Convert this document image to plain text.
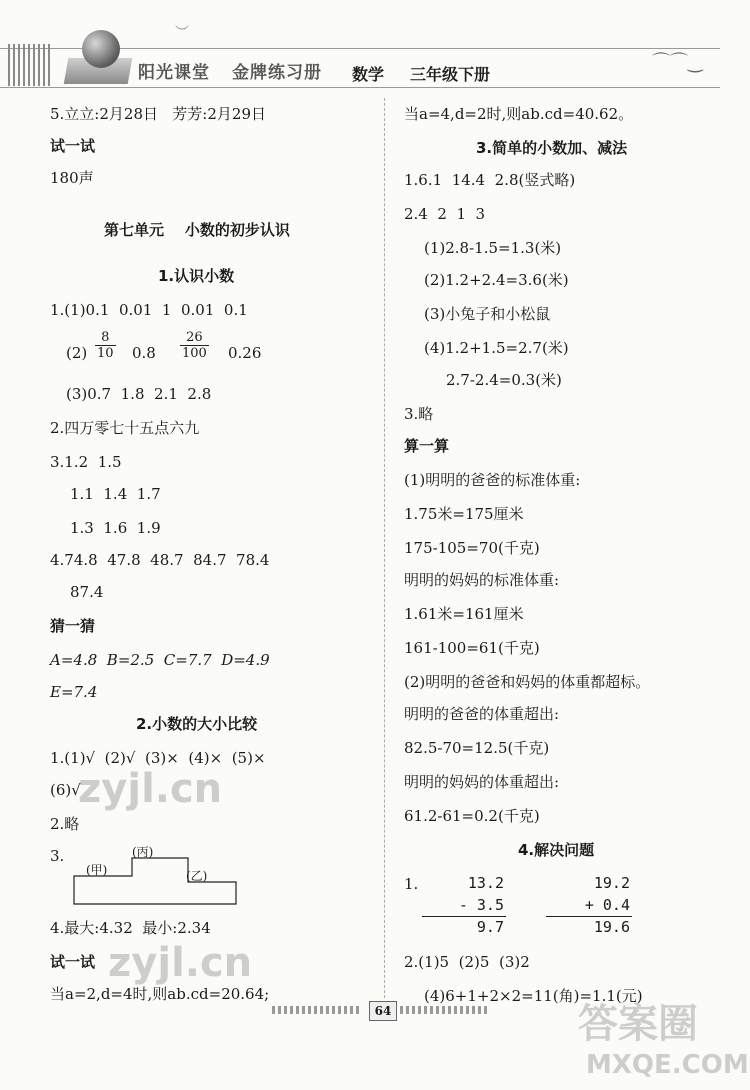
︶
阳光课堂 金牌练习册 数学 三年级下册
⌒⌒‿
5.立立:2月28日   芳芳:2月29日
试一试
180声
第七单元    小数的初步认识
1.认识小数
1.(1)0.1  0.01  1  0.01  0.1
$(2) \frac{8}{10} 0.8 \frac{26}{100} 0.26$
(3)0.7  1.8  2.1  2.8
2.四万零七十五点六九
3.1.2  1.5
1.1  1.4  1.7
1.3  1.6  1.9
4.74.8  47.8  48.7  84.7  78.4
87.4
猜一猜
A=4.8  B=2.5  C=7.7  D=4.9
E=7.4
2.小数的大小比较
1.(1)√  (2)√  (3)×  (4)×  (5)×
(6)√
2.略
3.
(甲)
(丙)
(乙)
4.最大:4.32  最小:2.34
试一试
当a=2,d=4时,则ab.cd=20.64;
当a=4,d=2时,则ab.cd=40.62。
3.简单的小数加、减法
1.6.1  14.4  2.8(竖式略)
2.4  2  1  3
(1)2.8-1.5=1.3(米)
(2)1.2+2.4=3.6(米)
(3)小兔子和小松鼠
(4)1.2+1.5=2.7(米)
2.7-2.4=0.3(米)
3.略
算一算
(1)明明的爸爸的标准体重:
1.75米=175厘米
175-105=70(千克)
明明的妈妈的标准体重:
1.61米=161厘米
161-100=61(千克)
(2)明明的爸爸和妈妈的体重都超标。
明明的爸爸的体重超出:
82.5-70=12.5(千克)
明明的妈妈的体重超出:
61.2-61=0.2(千克)
4.解决问题
1.	13.2
- 3.5
9.7
19.2
+ 0.4
19.6
2.(1)5  (2)5  (3)2
(4)6+1+2×2=11(角)=1.1(元)
64
zyjl.cn
zyjl.cn
答案圈
MXQE.COM
